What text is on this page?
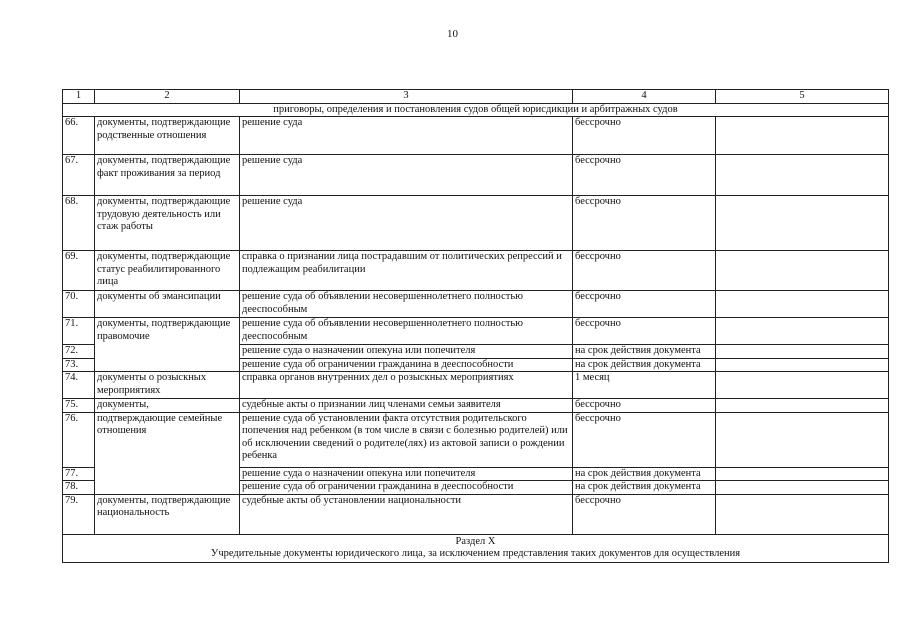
10
1	2	3	4	5
приговоры, определения и постановления судов общей юрисдикции и арбитражных судов				
66.	документы, подтверждающие родственные отношения	решение суда	бессрочно	
67.	документы, подтверждающие факт проживания за период	решение суда	бессрочно	
68.	документы, подтверждающие трудовую деятельность или стаж работы	решение суда	бессрочно	
69.	документы, подтверждающие статус реабилитированного лица	справка о признании лица пострадавшим от политических репрессий и подлежащим реабилитации	бессрочно	
70.	документы об эмансипации	решение суда об объявлении несовершеннолетнего полностью дееспособным	бессрочно	
71.	документы, подтверждающие правомочие	решение суда об объявлении несовершеннолетнего полностью дееспособным	бессрочно	
72.		решение суда о назначении опекуна или попечителя	на срок действия документа	
73.		решение суда об ограничении гражданина в дееспособности	на срок действия документа	
74.	документы о розыскных мероприятиях	справка органов внутренних дел о розыскных мероприятиях	1 месяц	
75.	документы,	судебные акты о признании лиц членами семьи заявителя	бессрочно	
76.	подтверждающие семейные отношения	решение суда об установлении факта отсутствия родительского попечения над ребенком (в том числе в связи с болезнью родителей) или об исключении сведений о родителе(лях) из актовой записи о рождении ребенка	бессрочно	
77.		решение суда о назначении опекуна или попечителя	на срок действия документа	
78.		решение суда об ограничении гражданина в дееспособности	на срок действия документа	
79.	документы, подтверждающие национальность	судебные акты об установлении национальности	бессрочно	

Раздел X
Учредительные документы юридического лица, за исключением представления таких документов для осуществления				
